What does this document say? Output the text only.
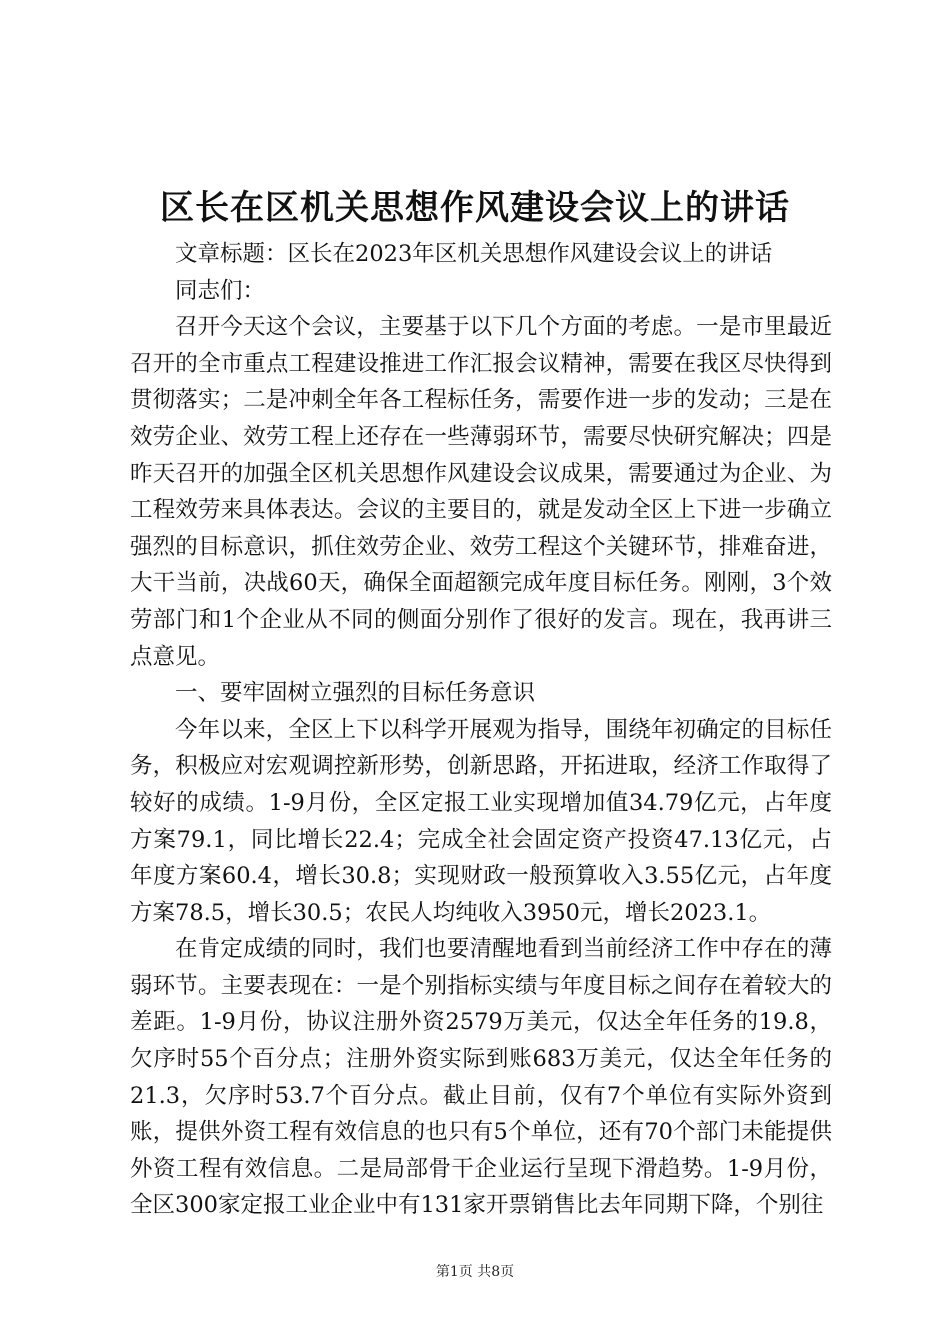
区长在区机关思想作风建设会议上的讲话

文章标题：区长在2023年区机关思想作风建设会议上的讲话

同志们：

召开今天这个会议，主要基于以下几个方面的考虑。一是市里最近召开的全市重点工程建设推进工作汇报会议精神，需要在我区尽快得到贯彻落实；二是冲刺全年各工程标任务，需要作进一步的发动；三是在效劳企业、效劳工程上还存在一些薄弱环节，需要尽快研究解决；四是昨天召开的加强全区机关思想作风建设会议成果，需要通过为企业、为工程效劳来具体表达。会议的主要目的，就是发动全区上下进一步确立强烈的目标意识，抓住效劳企业、效劳工程这个关键环节，排难奋进，大干当前，决战60天，确保全面超额完成年度目标任务。刚刚，3个效劳部门和1个企业从不同的侧面分别作了很好的发言。现在，我再讲三点意见。

一、要牢固树立强烈的目标任务意识

今年以来，全区上下以科学开展观为指导，围绕年初确定的目标任务，积极应对宏观调控新形势，创新思路，开拓进取，经济工作取得了较好的成绩。1-9月份，全区定报工业实现增加值34.79亿元，占年度方案79.1，同比增长22.4；完成全社会固定资产投资47.13亿元，占年度方案60.4，增长30.8；实现财政一般预算收入3.55亿元，占年度方案78.5，增长30.5；农民人均纯收入3950元，增长2023.1。

在肯定成绩的同时，我们也要清醒地看到当前经济工作中存在的薄弱环节。主要表现在：一是个别指标实绩与年度目标之间存在着较大的差距。1-9月份，协议注册外资2579万美元，仅达全年任务的19.8，欠序时55个百分点；注册外资实际到账683万美元，仅达全年任务的21.3，欠序时53.7个百分点。截止目前，仅有7个单位有实际外资到账，提供外资工程有效信息的也只有5个单位，还有70个部门未能提供外资工程有效信息。二是局部骨干企业运行呈现下滑趋势。1-9月份，全区300家定报工业企业中有131家开票销售比去年同期下降，个别往

第1页 共8页
